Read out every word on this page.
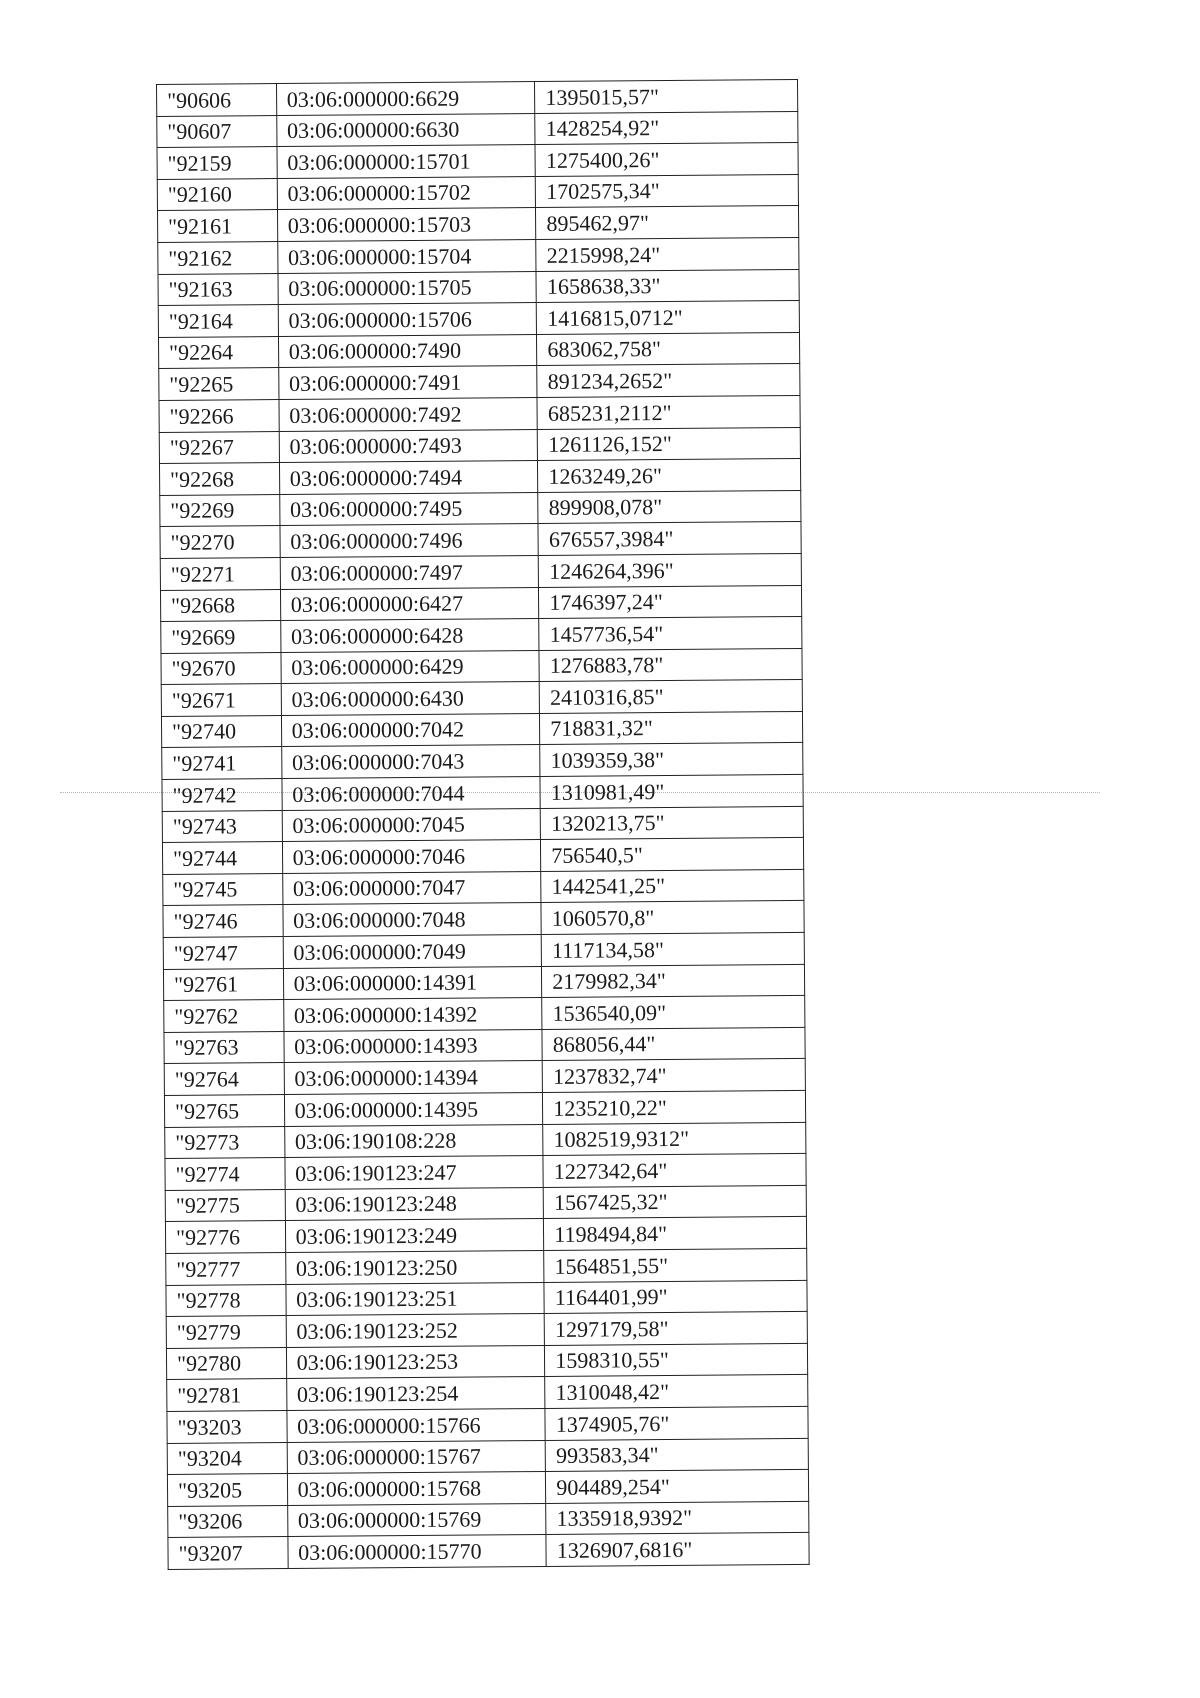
"90606	03:06:000000:6629	1395015,57"
"90607	03:06:000000:6630	1428254,92"
"92159	03:06:000000:15701	1275400,26"
"92160	03:06:000000:15702	1702575,34"
"92161	03:06:000000:15703	895462,97"
"92162	03:06:000000:15704	2215998,24"
"92163	03:06:000000:15705	1658638,33"
"92164	03:06:000000:15706	1416815,0712"
"92264	03:06:000000:7490	683062,758"
"92265	03:06:000000:7491	891234,2652"
"92266	03:06:000000:7492	685231,2112"
"92267	03:06:000000:7493	1261126,152"
"92268	03:06:000000:7494	1263249,26"
"92269	03:06:000000:7495	899908,078"
"92270	03:06:000000:7496	676557,3984"
"92271	03:06:000000:7497	1246264,396"
"92668	03:06:000000:6427	1746397,24"
"92669	03:06:000000:6428	1457736,54"
"92670	03:06:000000:6429	1276883,78"
"92671	03:06:000000:6430	2410316,85"
"92740	03:06:000000:7042	718831,32"
"92741	03:06:000000:7043	1039359,38"
"92742	03:06:000000:7044	1310981,49"
"92743	03:06:000000:7045	1320213,75"
"92744	03:06:000000:7046	756540,5"
"92745	03:06:000000:7047	1442541,25"
"92746	03:06:000000:7048	1060570,8"
"92747	03:06:000000:7049	1117134,58"
"92761	03:06:000000:14391	2179982,34"
"92762	03:06:000000:14392	1536540,09"
"92763	03:06:000000:14393	868056,44"
"92764	03:06:000000:14394	1237832,74"
"92765	03:06:000000:14395	1235210,22"
"92773	03:06:190108:228	1082519,9312"
"92774	03:06:190123:247	1227342,64"
"92775	03:06:190123:248	1567425,32"
"92776	03:06:190123:249	1198494,84"
"92777	03:06:190123:250	1564851,55"
"92778	03:06:190123:251	1164401,99"
"92779	03:06:190123:252	1297179,58"
"92780	03:06:190123:253	1598310,55"
"92781	03:06:190123:254	1310048,42"
"93203	03:06:000000:15766	1374905,76"
"93204	03:06:000000:15767	993583,34"
"93205	03:06:000000:15768	904489,254"
"93206	03:06:000000:15769	1335918,9392"
"93207	03:06:000000:15770	1326907,6816"
